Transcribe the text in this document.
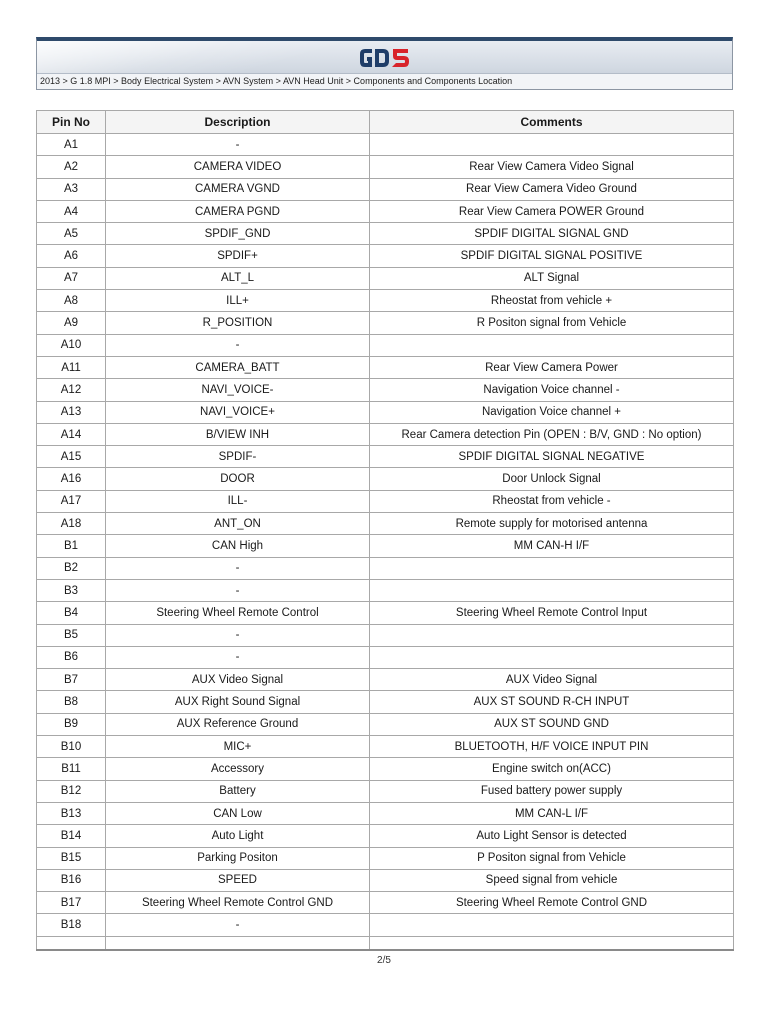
2013 > G 1.8 MPI > Body Electrical System > AVN System > AVN Head Unit > Components and Components Location
Pin No	Description	Comments
A1	-	
A2	CAMERA VIDEO	Rear View Camera Video Signal
A3	CAMERA VGND	Rear View Camera Video Ground
A4	CAMERA PGND	Rear View Camera POWER Ground
A5	SPDIF_GND	SPDIF DIGITAL SIGNAL GND
A6	SPDIF+	SPDIF DIGITAL SIGNAL POSITIVE
A7	ALT_L	ALT Signal
A8	ILL+	Rheostat from vehicle +
A9	R_POSITION	R Positon signal from Vehicle
A10	-	
A11	CAMERA_BATT	Rear View Camera Power
A12	NAVI_VOICE-	Navigation Voice channel -
A13	NAVI_VOICE+	Navigation Voice channel +
A14	B/VIEW INH	Rear Camera detection Pin (OPEN : B/V, GND : No option)
A15	SPDIF-	SPDIF DIGITAL SIGNAL NEGATIVE
A16	DOOR	Door Unlock Signal
A17	ILL-	Rheostat from vehicle -
A18	ANT_ON	Remote supply for motorised antenna
B1	CAN High	MM CAN-H I/F
B2	-	
B3	-	
B4	Steering Wheel Remote Control	Steering Wheel Remote Control Input
B5	-	
B6	-	
B7	AUX Video Signal	AUX Video Signal
B8	AUX Right Sound Signal	AUX ST SOUND R-CH INPUT
B9	AUX Reference Ground	AUX ST SOUND GND
B10	MIC+	BLUETOOTH, H/F VOICE INPUT PIN
B11	Accessory	Engine switch on(ACC)
B12	Battery	Fused battery power supply
B13	CAN Low	MM CAN-L I/F
B14	Auto Light	Auto Light Sensor is detected
B15	Parking Positon	P Positon signal from Vehicle
B16	SPEED	Speed signal from vehicle
B17	Steering Wheel Remote Control GND	Steering Wheel Remote Control GND
B18	-	

2/5
